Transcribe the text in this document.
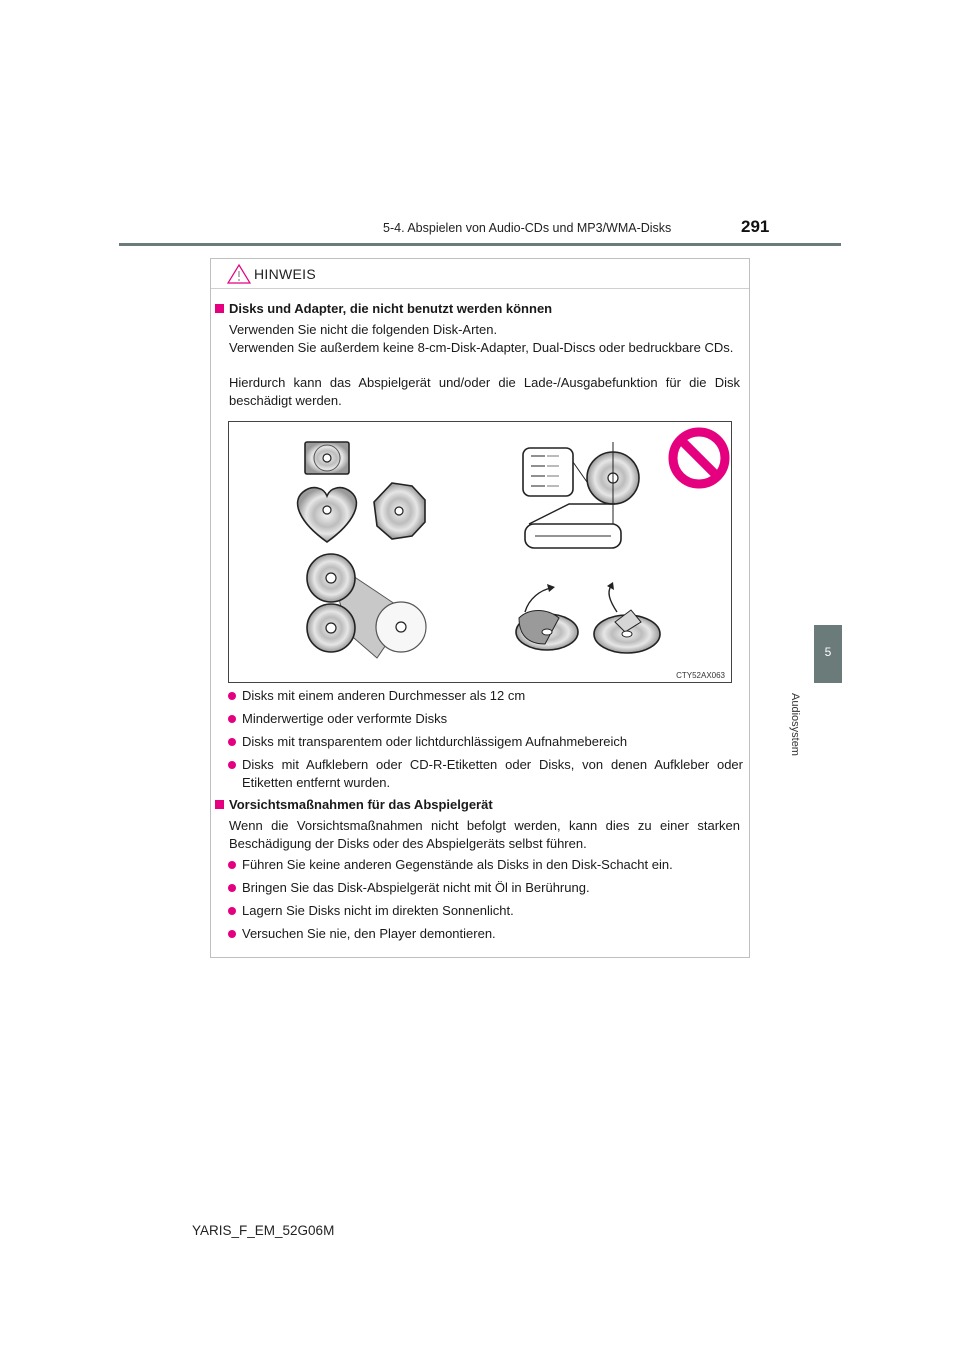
5-4. Abspielen von Audio-CDs und MP3/WMA-Disks	291
5
Audiosystem
HINWEIS
Disks und Adapter, die nicht benutzt werden können
Verwenden Sie nicht die folgenden Disk-Arten.
Verwenden Sie außerdem keine 8-cm-Disk-Adapter, Dual-Discs oder bedruckbare CDs.
Hierdurch kann das Abspielgerät und/oder die Lade-/Ausgabefunktion für die Disk beschädigt werden.
CTY52AX063
Disks mit einem anderen Durchmesser als 12 cm
Minderwertige oder verformte Disks
Disks mit transparentem oder lichtdurchlässigem Aufnahmebereich
Disks mit Aufklebern oder CD-R-Etiketten oder Disks, von denen Aufkleber oder Etiketten entfernt wurden.
Vorsichtsmaßnahmen für das Abspielgerät
Wenn die Vorsichtsmaßnahmen nicht befolgt werden, kann dies zu einer starken Beschädigung der Disks oder des Abspielgeräts selbst führen.
Führen Sie keine anderen Gegenstände als Disks in den Disk-Schacht ein.
Bringen Sie das Disk-Abspielgerät nicht mit Öl in Berührung.
Lagern Sie Disks nicht im direkten Sonnenlicht.
Versuchen Sie nie, den Player demontieren.
YARIS_F_EM_52G06M
